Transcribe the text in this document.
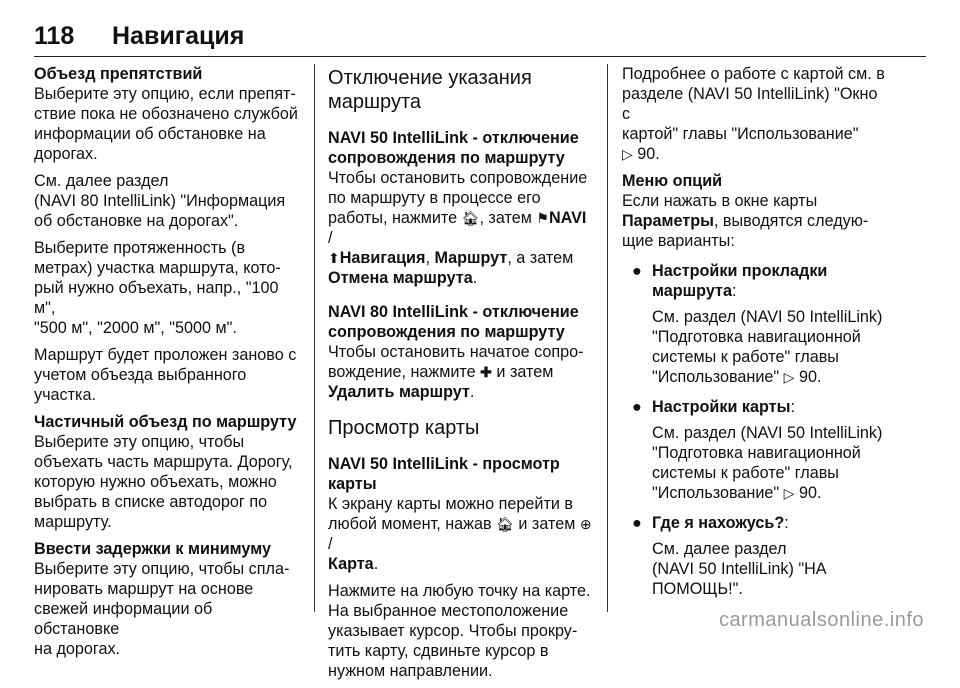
118 Навигация

Объезд препятствий
Выберите эту опцию, если препят-
ствие пока не обозначено службой
информации об обстановке на
дорогах.

См. далее раздел
(NAVI 80 IntelliLink) "Информация
об обстановке на дорогах".

Выберите протяженность (в
метрах) участка маршрута, кото-
рый нужно объехать, напр., "100 м",
"500 м", "2000 м", "5000 м".

Маршрут будет проложен заново с
учетом объезда выбранного
участка.

Частичный объезд по маршруту
Выберите эту опцию, чтобы
объехать часть маршрута. Дорогу,
которую нужно объехать, можно
выбрать в списке автодорог по
маршруту.

Ввести задержки к минимуму
Выберите эту опцию, чтобы спла-
нировать маршрут на основе
свежей информации об обстановке
на дорогах.

Отключение указания
маршрута
NAVI 50 IntelliLink - отключение
сопровождения по маршруту
Чтобы остановить сопровождение
по маршруту в процессе его
работы, нажмите 🏠︎, затем ⚑NAVI /
⬆︎Навигация, Маршрут, а затем
Отмена маршрута.
NAVI 80 IntelliLink - отключение
сопровождения по маршруту
Чтобы остановить начатое сопро-
вождение, нажмите ✚ и затем
Удалить маршрут.
Просмотр карты
NAVI 50 IntelliLink - просмотр карты
К экрану карты можно перейти в
любой момент, нажав 🏠︎ и затем ⊕/
Карта.

Нажмите на любую точку на карте.
На выбранное местоположение
указывает курсор. Чтобы прокру-
тить карту, сдвиньте курсор в
нужном направлении.

Подробнее о работе с картой см. в
разделе (NAVI 50 IntelliLink) "Окно с
картой" главы "Использование"
▷ 90.

Меню опций
Если нажать в окне карты
Параметры, выводятся следую-
щие варианты:

● Настройки прокладки
маршрута:
См. раздел (NAVI 50 IntelliLink)
"Подготовка навигационной
системы к работе" главы
"Использование" ▷ 90.
● Настройки карты:
См. раздел (NAVI 50 IntelliLink)
"Подготовка навигационной
системы к работе" главы
"Использование" ▷ 90.
● Где я нахожусь?:
См. далее раздел
(NAVI 50 IntelliLink) "НА
ПОМОЩЬ!".
carmanualsonline.info
